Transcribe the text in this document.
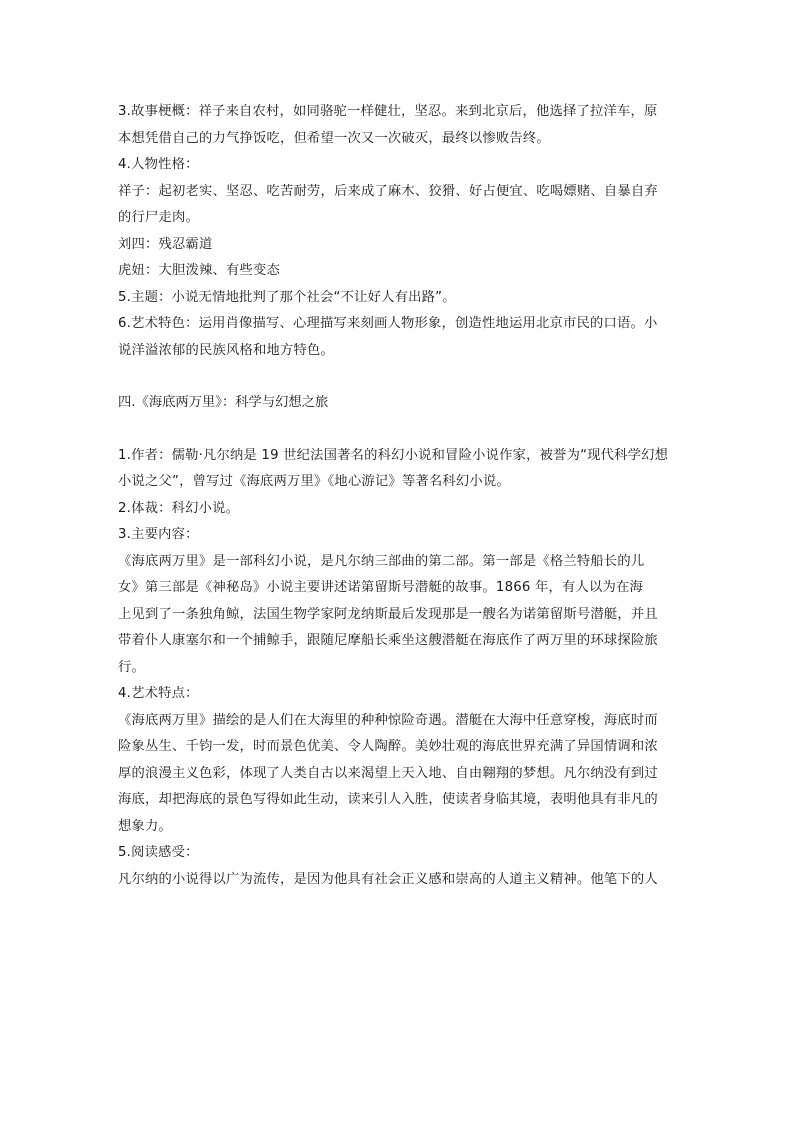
3.故事梗概：祥子来自农村，如同骆驼一样健壮，坚忍。来到北京后，他选择了拉洋车，原

本想凭借自己的力气挣饭吃，但希望一次又一次破灭，最终以惨败告终。

4.人物性格：

祥子：起初老实、坚忍、吃苦耐劳，后来成了麻木、狡猾、好占便宜、吃喝嫖赌、自暴自弃

的行尸走肉。

刘四：残忍霸道

虎妞：大胆泼辣、有些变态

5.主题：小说无情地批判了那个社会“不让好人有出路”。

6.艺术特色：运用肖像描写、心理描写来刻画人物形象，创造性地运用北京市民的口语。小

说洋溢浓郁的民族风格和地方特色。

四.《海底两万里》：科学与幻想之旅

1.作者：儒勒·凡尔纳是 19 世纪法国著名的科幻小说和冒险小说作家，被誉为“现代科学幻想

小说之父”，曾写过《海底两万里》《地心游记》等著名科幻小说。

2.体裁：科幻小说。

3.主要内容：

《海底两万里》是一部科幻小说，是凡尔纳三部曲的第二部。第一部是《格兰特船长的儿

女》第三部是《神秘岛》小说主要讲述诺第留斯号潜艇的故事。1866 年，有人以为在海

上见到了一条独角鲸，法国生物学家阿龙纳斯最后发现那是一艘名为诺第留斯号潜艇，并且

带着仆人康塞尔和一个捕鲸手，跟随尼摩船长乘坐这艘潜艇在海底作了两万里的环球探险旅

行。

4.艺术特点：

《海底两万里》描绘的是人们在大海里的种种惊险奇遇。潜艇在大海中任意穿梭，海底时而

险象丛生、千钧一发，时而景色优美、令人陶醉。美妙壮观的海底世界充满了异国情调和浓

厚的浪漫主义色彩，体现了人类自古以来渴望上天入地、自由翱翔的梦想。凡尔纳没有到过

海底，却把海底的景色写得如此生动，读来引人入胜，使读者身临其境，表明他具有非凡的

想象力。

5.阅读感受：

凡尔纳的小说得以广为流传，是因为他具有社会正义感和崇高的人道主义精神。他笔下的人
